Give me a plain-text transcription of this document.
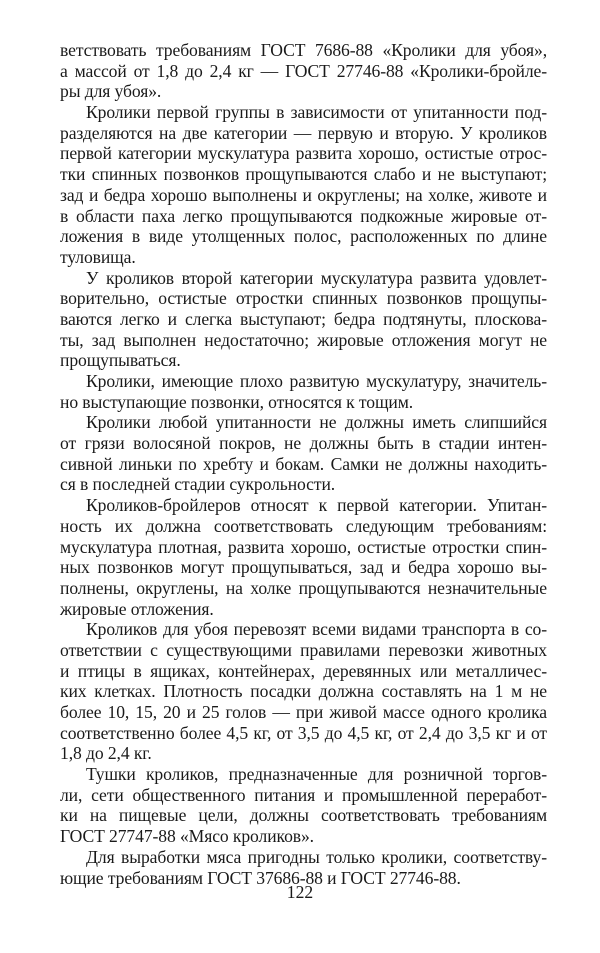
ветствовать требованиям ГОСТ 7686-88 «Кролики для убоя»,
а массой от 1,8 до 2,4 кг — ГОСТ 27746-88 «Кролики-бройле-
ры для убоя».
Кролики первой группы в зависимости от упитанности под-
разделяются на две категории — первую и вторую. У кроликов
первой категории мускулатура развита хорошо, остистые отрос-
тки спинных позвонков прощупываются слабо и не выступают;
зад и бедра хорошо выполнены и округлены; на холке, животе и
в области паха легко прощупываются подкожные жировые от-
ложения в виде утолщенных полос, расположенных по длине
туловища.
У кроликов второй категории мускулатура развита удовлет-
ворительно, остистые отростки спинных позвонков прощупы-
ваются легко и слегка выступают; бедра подтянуты, плоскова-
ты, зад выполнен недостаточно; жировые отложения могут не
прощупываться.
Кролики, имеющие плохо развитую мускулатуру, значитель-
но выступающие позвонки, относятся к тощим.
Кролики любой упитанности не должны иметь слипшийся
от грязи волосяной покров, не должны быть в стадии интен-
сивной линьки по хребту и бокам. Самки не должны находить-
ся в последней стадии сукрольности.
Кроликов-бройлеров относят к первой категории. Упитан-
ность их должна соответствовать следующим требованиям:
мускулатура плотная, развита хорошо, остистые отростки спин-
ных позвонков могут прощупываться, зад и бедра хорошо вы-
полнены, округлены, на холке прощупываются незначительные
жировые отложения.
Кроликов для убоя перевозят всеми видами транспорта в со-
ответствии с существующими правилами перевозки животных
и птицы в ящиках, контейнерах, деревянных или металличес-
ких клетках. Плотность посадки должна составлять на 1 м не
более 10, 15, 20 и 25 голов — при живой массе одного кролика
соответственно более 4,5 кг, от 3,5 до 4,5 кг, от 2,4 до 3,5 кг и от
1,8 до 2,4 кг.
Тушки кроликов, предназначенные для розничной торгов-
ли, сети общественного питания и промышленной переработ-
ки на пищевые цели, должны соответствовать требованиям
ГОСТ 27747-88 «Мясо кроликов».
Для выработки мяса пригодны только кролики, соответству-
ющие требованиям ГОСТ 37686-88 и ГОСТ 27746-88.
122
